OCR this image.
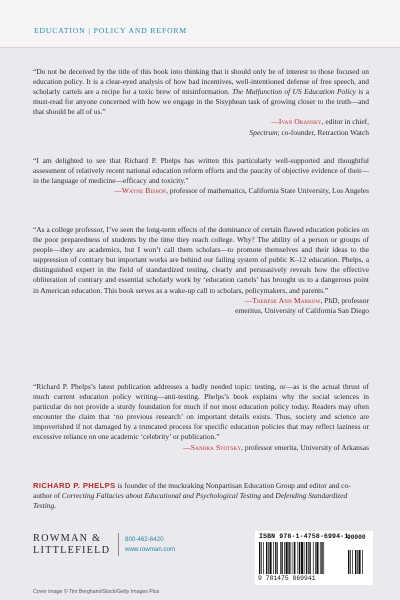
EDUCATION | POLICY AND REFORM

“Do not be deceived by the title of this book into thinking that it should only be of interest to those focused on education policy. It is a clear-eyed analysis of how bad incentives, well-intentioned defense of free speech, and scholarly cartels are a recipe for a toxic brew of misinformation. The Malfunction of US Education Policy is a must-read for anyone concerned with how we engage in the Sisyphean task of growing closer to the truth—and that should be all of us.”

—Ivan Oransky, editor in chief,
Spectrum; co-founder, Retraction Watch

“I am delighted to see that Richard P. Phelps has written this particularly well-supported and thoughtful assessment of relatively recent national education reform efforts and the paucity of objective evidence of their—in the language of medicine—efficacy and toxicity.”

—Wayne Bishop, professor of mathematics, California State University, Los Angeles

“As a college professor, I’ve seen the long-term effects of the dominance of certain flawed education policies on the poor preparedness of students by the time they reach college. Why? The ability of a person or groups of people—they are academics, but I won’t call them scholars—to promote themselves and their ideas to the suppression of contrary but important works are behind our failing system of public K–12 education. Phelps, a distinguished expert in the field of standardized testing, clearly and persuasively reveals how the effective obliteration of contrary and essential scholarly work by ‘education cartels’ has brought us to a dangerous point in American education. This book serves as a wake-up call to scholars, policymakers, and parents.”

—Therese Ann Markow, PhD, professor
emeritus, University of California San Diego

“Richard P. Phelps’s latest publication addresses a badly needed topic: testing, or—as is the actual thrust of much current education policy writing—anti-testing. Phelps’s book explains why the social sciences in particular do not provide a sturdy foundation for much if not most education policy today. Readers may often encounter the claim that ‘no previous research’ on important details exists. Thus, society and science are impoverished if not damaged by a truncated process for specific education policies that may reflect laziness or excessive reliance on one academic ‘celebrity’ or publication.”

—Sandra Stotsky, professor emerita, University of Arkansas
RICHARD P. PHELPS is founder of the muckraking Nonpartisan Education Group and editor and co-author of Correcting Fallacies about Educational and Psychological Testing and Defending Standardized Testing.
ROWMAN &
LITTLEFIELD
800-462-6420
www.rowman.com
ISBN 978-1-4758-6994-1
90000
9 781475 869941
Cover image © Tim Bergham/iStock/Getty Images Plus
